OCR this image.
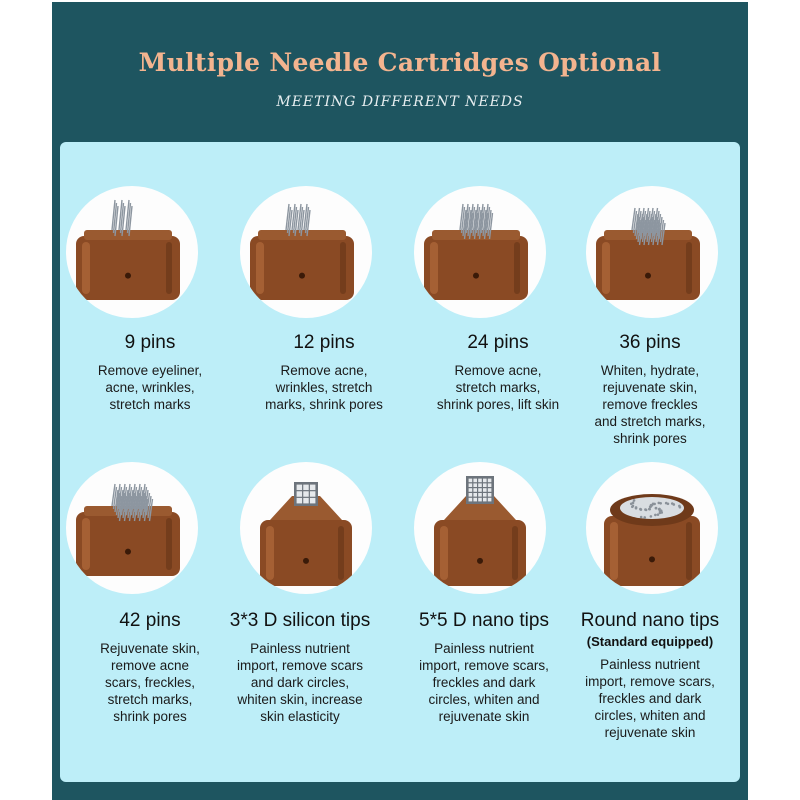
Multiple Needle Cartridges Optional
MEETING DIFFERENT NEEDS
9 pins
Remove eyeliner,
acne, wrinkles,
stretch marks
12 pins
Remove acne,
wrinkles, stretch
marks, shrink pores
24 pins
Remove acne,
stretch marks,
shrink pores, lift skin
36 pins
Whiten, hydrate,
rejuvenate skin,
remove freckles
and stretch marks,
shrink pores
42 pins
Rejuvenate skin,
remove acne
scars, freckles,
stretch marks,
shrink pores
3*3 D silicon tips
Painless nutrient
import, remove scars
and dark circles,
whiten skin, increase
skin elasticity
5*5 D nano tips
Painless nutrient
import, remove scars,
freckles and dark
circles, whiten and
rejuvenate skin
Round nano tips
(Standard equipped)
Painless nutrient
import, remove scars,
freckles and dark
circles, whiten and
rejuvenate skin
